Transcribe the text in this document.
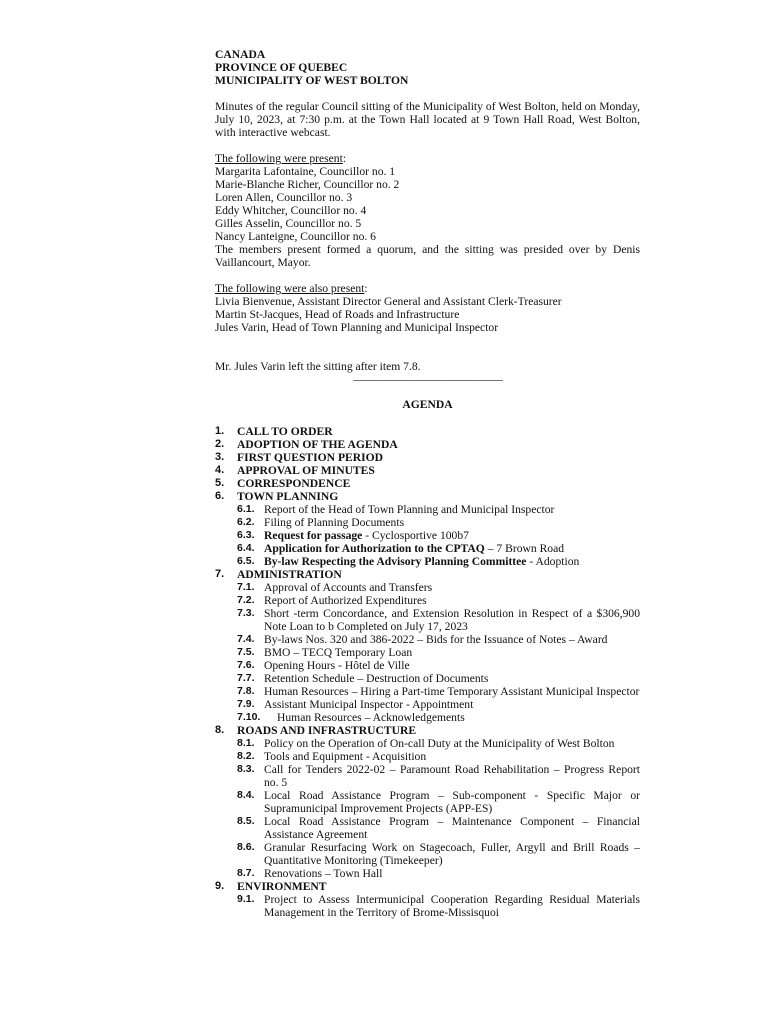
CANADA
PROVINCE OF QUEBEC
MUNICIPALITY OF WEST BOLTON
Minutes of the regular Council sitting of the Municipality of West Bolton, held on Monday, July 10, 2023, at 7:30 p.m. at the Town Hall located at 9 Town Hall Road, West Bolton, with interactive webcast.
The following were present:
Margarita Lafontaine, Councillor no. 1
Marie-Blanche Richer, Councillor no. 2
Loren Allen, Councillor no. 3
Eddy Whitcher, Councillor no. 4
Gilles Asselin, Councillor no. 5
Nancy Lanteigne, Councillor no. 6
The members present formed a quorum, and the sitting was presided over by Denis Vaillancourt, Mayor.
The following were also present:
Livia Bienvenue, Assistant Director General and Assistant Clerk-Treasurer
Martin St-Jacques, Head of Roads and Infrastructure
Jules Varin, Head of Town Planning and Municipal Inspector
Mr. Jules Varin left the sitting after item 7.8.
——————————————
AGENDA
1.	CALL TO ORDER
2.	ADOPTION OF THE AGENDA
3.	FIRST QUESTION PERIOD
4.	APPROVAL OF MINUTES
5.	CORRESPONDENCE
6.	TOWN PLANNING
6.1. Report of the Head of Town Planning and Municipal Inspector
6.2. Filing of Planning Documents
6.3. Request for passage - Cyclosportive 100b7
6.4. Application for Authorization to the CPTAQ – 7 Brown Road
6.5. By-law Respecting the Advisory Planning Committee - Adoption
7.	ADMINISTRATION
7.1. Approval of Accounts and Transfers
7.2. Report of Authorized Expenditures
7.3. Short -term Concordance, and Extension Resolution in Respect of a $306,900 Note Loan to b Completed on July 17, 2023
7.4. By-laws Nos. 320 and 386-2022 – Bids for the Issuance of Notes – Award
7.5. BMO – TECQ Temporary Loan
7.6. Opening Hours - Hôtel de Ville
7.7. Retention Schedule – Destruction of Documents
7.8. Human Resources – Hiring a Part-time Temporary Assistant Municipal Inspector
7.9. Assistant Municipal Inspector - Appointment
7.10.	Human Resources – Acknowledgements
8.	ROADS AND INFRASTRUCTURE
8.1. Policy on the Operation of On-call Duty at the Municipality of West Bolton
8.2. Tools and Equipment - Acquisition
8.3. Call for Tenders 2022-02 – Paramount Road Rehabilitation – Progress Report no. 5
8.4. Local Road Assistance Program – Sub-component - Specific Major or Supramunicipal Improvement Projects (APP-ES)
8.5. Local Road Assistance Program – Maintenance Component – Financial Assistance Agreement
8.6. Granular Resurfacing Work on Stagecoach, Fuller, Argyll and Brill Roads – Quantitative Monitoring (Timekeeper)
8.7. Renovations – Town Hall
9.	ENVIRONMENT
9.1. Project to Assess Intermunicipal Cooperation Regarding Residual Materials Management in the Territory of Brome-Missisquoi
